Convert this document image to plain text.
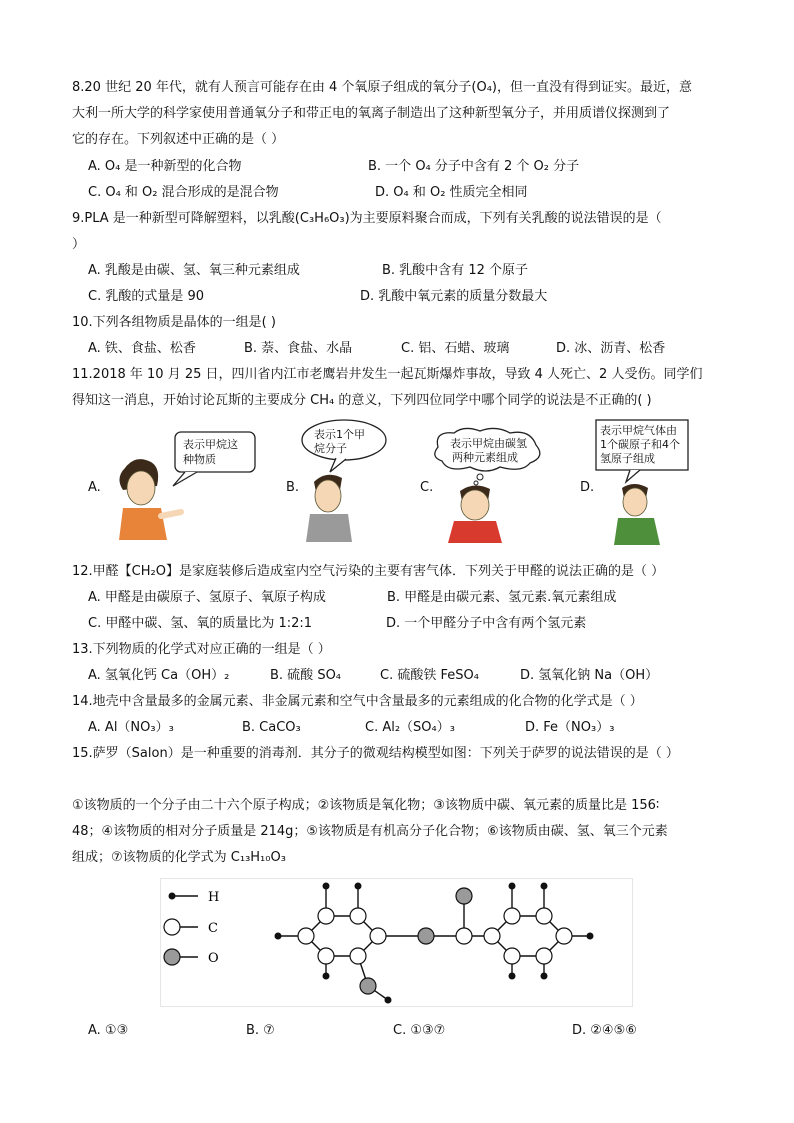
8.20 世纪 20 年代，就有人预言可能存在由 4 个氧原子组成的氧分子(O₄)，但一直没有得到证实。最近，意
大利一所大学的科学家使用普通氧分子和带正电的氧离子制造出了这种新型氧分子，并用质谱仪探测到了
它的存在。下列叙述中正确的是（ ）
A. O₄ 是一种新型的化合物	B. 一个 O₄ 分子中含有 2 个 O₂ 分子
C. O₄ 和 O₂ 混合形成的是混合物	D. O₄ 和 O₂ 性质完全相同
9.PLA 是一种新型可降解塑料，以乳酸(C₃H₆O₃)为主要原料聚合而成，下列有关乳酸的说法错误的是（
）
A. 乳酸是由碳、氢、氧三种元素组成	B. 乳酸中含有 12 个原子
C. 乳酸的式量是 90	D. 乳酸中氧元素的质量分数最大
10.下列各组物质是晶体的一组是( )
A. 铁、食盐、松香	B. 萘、食盐、水晶	C. 铝、石蜡、玻璃	D. 冰、沥青、松香
11.2018 年 10 月 25 日，四川省内江市老鹰岩井发生一起瓦斯爆炸事故，导致 4 人死亡、2 人受伤。同学们
得知这一消息，开始讨论瓦斯的主要成分 CH₄ 的意义，下列四位同学中哪个同学的说法是不正确的( )
A.	B.	C.	D.
表示甲烷这
种物质
表示1个甲
烷分子	表示甲烷由碳氢
两种元素组成
表示甲烷气体由
1个碳原子和4个
氢原子组成
12.甲醛【CH₂O】是家庭装修后造成室内空气污染的主要有害气体．下列关于甲醛的说法正确的是（ ）
A. 甲醛是由碳原子、氢原子、氧原子构成	B. 甲醛是由碳元素、氢元素.氧元素组成
C. 甲醛中碳、氢、氧的质量比为 1:2:1	D. 一个甲醛分子中含有两个氢元素
13.下列物质的化学式对应正确的一组是（ ）
A. 氢氧化钙 Ca（OH）₂	B. 硫酸 SO₄	C. 硫酸铁 FeSO₄	D. 氢氧化钠 Na（OH）
14.地壳中含量最多的金属元素、非金属元素和空气中含量最多的元素组成的化合物的化学式是（ ）
A. Al（NO₃）₃	B. CaCO₃	C. Al₂（SO₄）₃	D. Fe（NO₃）₃
15.萨罗（Salon）是一种重要的消毒剂．其分子的微观结构模型如图：下列关于萨罗的说法错误的是（ ）
①该物质的一个分子由二十六个原子构成；②该物质是氧化物；③该物质中碳、氧元素的质量比是 156∶
48；④该物质的相对分子质量是 214g；⑤该物质是有机高分子化合物；⑥该物质由碳、氢、氧三个元素
组成；⑦该物质的化学式为 C₁₃H₁₀O₃
H
C
O
A. ①③	B. ⑦	C. ①③⑦	D. ②④⑤⑥
